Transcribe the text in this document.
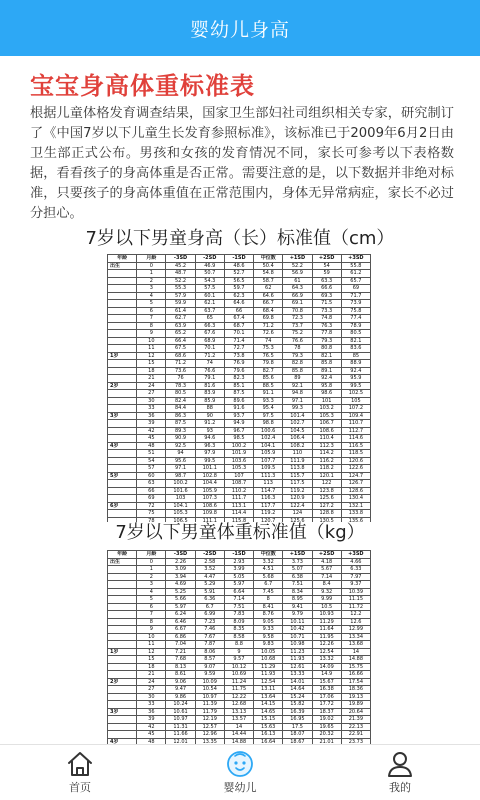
婴幼儿身高
宝宝身高体重标准表

根据儿童体格发育调查结果，国家卫生部妇社司组织相关专家，研究制订了《中国7岁以下儿童生长发育参照标准》，该标准已于2009年6月2日由卫生部正式公布。男孩和女孩的发育情况不同，家长可参考以下表格数据，看看孩子的身高体重是否正常。需要注意的是，以下数据并非绝对标准，只要孩子的身高体重值在正常范围内，身体无异常病症，家长不必过分担心。

7岁以下男童身高（长）标准值（cm）
年龄	月龄	-3SD	-2SD	-1SD	中位数	+1SD	+2SD	+3SD
出生	0	45.2	46.9	48.6	50.4	52.2	54	55.8
	1	48.7	50.7	52.7	54.8	56.9	59	61.2
	2	52.2	54.3	56.5	58.7	61	63.3	65.7
	3	55.3	57.5	59.7	62	64.3	66.6	69
	4	57.9	60.1	62.3	64.6	66.9	69.3	71.7
	5	59.9	62.1	64.6	66.7	69.1	71.5	73.9
	6	61.4	63.7	66	68.4	70.8	73.3	75.8
	7	62.7	65	67.4	69.8	72.3	74.8	77.4
	8	63.9	66.3	68.7	71.2	73.7	76.3	78.9
	9	65.2	67.6	70.1	72.6	75.2	77.8	80.5
	10	66.4	68.9	71.4	74	76.6	79.3	82.1
	11	67.5	70.1	72.7	75.3	78	80.8	83.6
1岁	12	68.6	71.2	73.8	76.5	79.3	82.1	85
	15	71.2	74	76.9	79.8	82.8	85.8	88.9
	18	73.6	76.6	79.6	82.7	85.8	89.1	92.4
	21	76	79.1	82.3	85.6	89	92.4	95.9
2岁	24	78.3	81.6	85.1	88.5	92.1	95.8	99.5
	27	80.5	83.9	87.5	91.1	94.8	98.6	102.5
	30	82.4	85.9	89.6	93.3	97.1	101	105
	33	84.4	88	91.6	95.4	99.3	103.2	107.2
3岁	36	86.3	90	93.7	97.5	101.4	105.3	109.4
	39	87.5	91.2	94.9	98.8	102.7	106.7	110.7
	42	89.3	93	96.7	100.6	104.5	108.6	112.7
	45	90.9	94.6	98.5	102.4	106.4	110.4	114.6
4岁	48	92.5	96.3	100.2	104.1	108.2	112.3	116.5
	51	94	97.9	101.9	105.9	110	114.2	118.5
	54	95.6	99.5	103.6	107.7	111.9	116.2	120.6
	57	97.1	101.1	105.3	109.5	113.8	118.2	122.6
5岁	60	98.7	102.8	107	111.3	115.7	120.1	124.7
	63	100.2	104.4	108.7	113	117.5	122	126.7
	66	101.6	105.9	110.2	114.7	119.2	123.8	128.6
	69	103	107.3	111.7	116.3	120.9	125.6	130.4
6岁	72	104.1	108.6	113.1	117.7	122.4	127.2	132.1
	75	105.3	109.8	114.4	119.2	124	128.8	133.8
	78	106.5	111.1	115.8	120.7	125.6	130.5	135.6

7岁以下男童体重标准值（kg）
年龄	月龄	-3SD	-2SD	-1SD	中位数	+1SD	+2SD	+3SD
出生	0	2.26	2.58	2.93	3.32	3.73	4.18	4.66
	1	3.09	3.52	3.99	4.51	5.07	5.67	6.33
	2	3.94	4.47	5.05	5.68	6.38	7.14	7.97
	3	4.69	5.29	5.97	6.7	7.51	8.4	9.37
	4	5.25	5.91	6.64	7.45	8.34	9.32	10.39
	5	5.66	6.36	7.14	8	8.95	9.99	11.15
	6	5.97	6.7	7.51	8.41	9.41	10.5	11.72
	7	6.24	6.99	7.83	8.76	9.79	10.93	12.2
	8	6.46	7.23	8.09	9.05	10.11	11.29	12.6
	9	6.67	7.46	8.35	9.33	10.42	11.64	12.99
	10	6.86	7.67	8.58	9.58	10.71	11.95	13.34
	11	7.04	7.87	8.8	9.83	10.98	12.26	13.68
1岁	12	7.21	8.06	9	10.05	11.23	12.54	14
	15	7.68	8.57	9.57	10.68	11.93	13.32	14.88
	18	8.13	9.07	10.12	11.29	12.61	14.09	15.75
	21	8.61	9.59	10.69	11.93	13.33	14.9	16.66
2岁	24	9.06	10.09	11.24	12.54	14.01	15.67	17.54
	27	9.47	10.54	11.75	13.11	14.64	16.38	18.36
	30	9.86	10.97	12.22	13.64	15.24	17.06	19.13
	33	10.24	11.39	12.68	14.15	15.82	17.72	19.89
3岁	36	10.61	11.79	13.13	14.65	16.39	18.37	20.64
	39	10.97	12.19	13.57	15.15	16.95	19.02	21.39
	42	11.31	12.57	14	15.63	17.5	19.65	22.13
	45	11.66	12.96	14.44	16.13	18.07	20.32	22.91
4岁	48	12.01	13.35	14.88	16.64	18.67	21.01	23.73

首页	婴幼儿	我的
